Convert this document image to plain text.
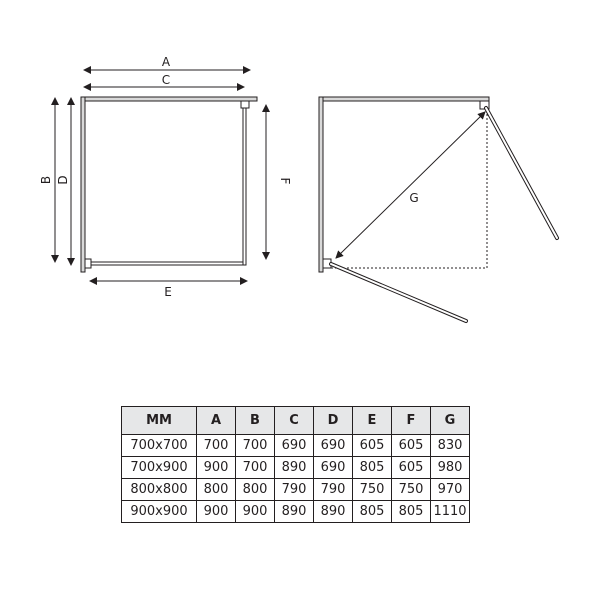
A
C
B D
E
F
G
MM	A	B	C	D	E	F	G
700x700	700	700	690	690	605	605	830
700x900	900	700	890	690	805	605	980
800x800	800	800	790	790	750	750	970
900x900	900	900	890	890	805	805	1110
